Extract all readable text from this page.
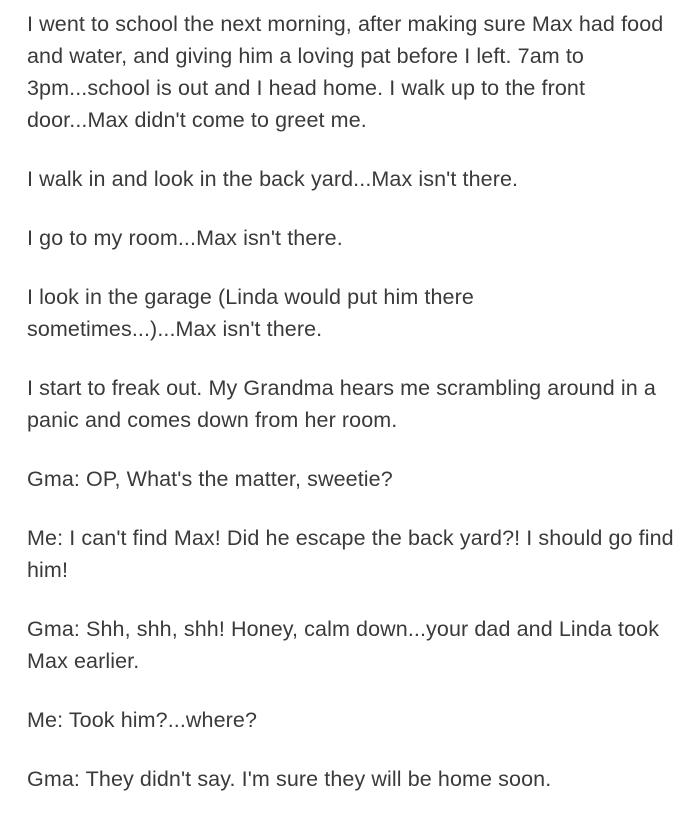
I went to school the next morning, after making sure Max had food and water, and giving him a loving pat before I left. 7am to 3pm...school is out and I head home. I walk up to the front door...Max didn't come to greet me.

I walk in and look in the back yard...Max isn't there.

I go to my room...Max isn't there.

I look in the garage (Linda would put him there sometimes...)...Max isn't there.

I start to freak out. My Grandma hears me scrambling around in a panic and comes down from her room.

Gma: OP, What's the matter, sweetie?

Me: I can't find Max! Did he escape the back yard?! I should go find him!

Gma: Shh, shh, shh! Honey, calm down...your dad and Linda took Max earlier.

Me: Took him?...where?

Gma: They didn't say. I'm sure they will be home soon.
